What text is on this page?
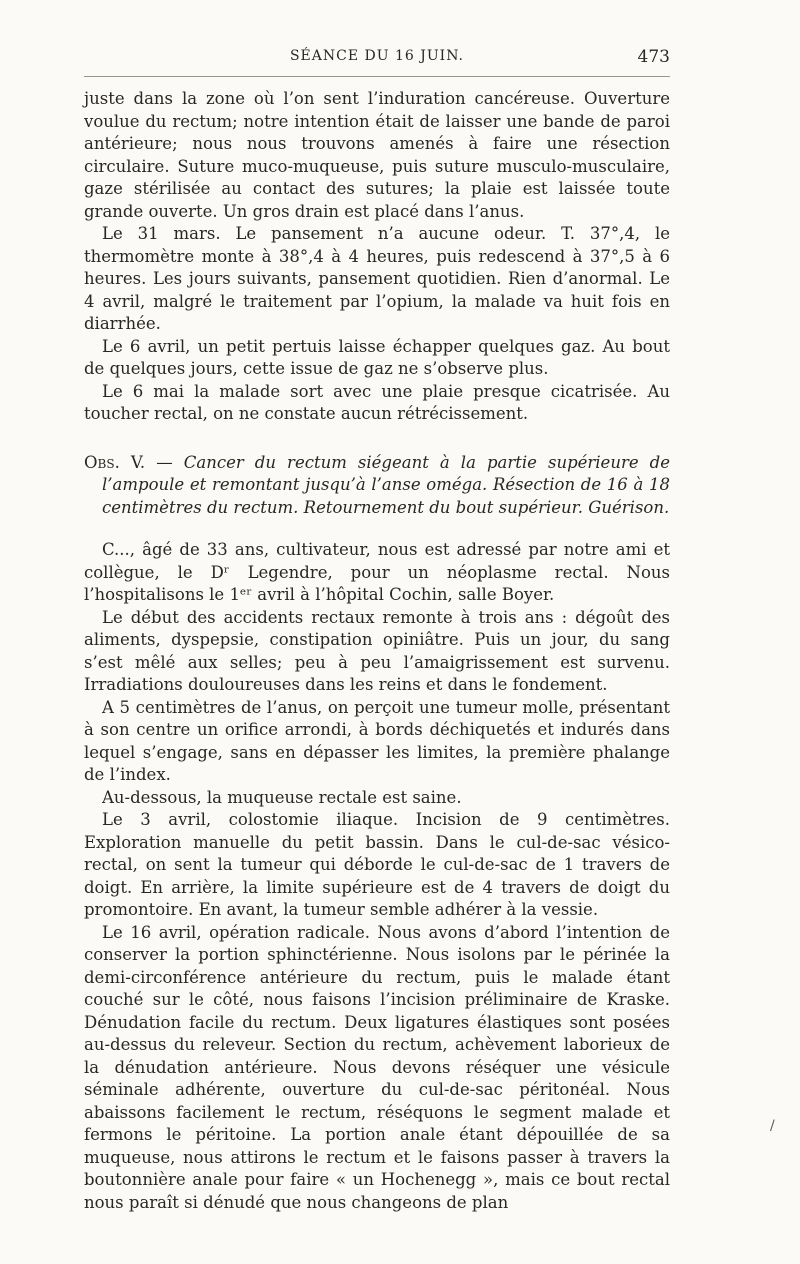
SÉANCE DU 16 JUIN.	473

juste dans la zone où l’on sent l’induration cancéreuse. Ouverture voulue du rectum; notre intention était de laisser une bande de paroi antérieure; nous nous trouvons amenés à faire une résection circulaire. Suture muco-muqueuse, puis suture musculo-musculaire, gaze stérilisée au contact des sutures; la plaie est laissée toute grande ouverte. Un gros drain est placé dans l’anus.

Le 31 mars. Le pansement n’a aucune odeur. T. 37°,4, le thermomètre monte à 38°,4 à 4 heures, puis redescend à 37°,5 à 6 heures. Les jours suivants, pansement quotidien. Rien d’anormal. Le 4 avril, malgré le traitement par l’opium, la malade va huit fois en diarrhée.

Le 6 avril, un petit pertuis laisse échapper quelques gaz. Au bout de quelques jours, cette issue de gaz ne s’observe plus.

Le 6 mai la malade sort avec une plaie presque cicatrisée. Au toucher rectal, on ne constate aucun rétrécissement.

Obs. V. — Cancer du rectum siégeant à la partie supérieure de l’ampoule et remontant jusqu’à l’anse oméga. Résection de 16 à 18 centimètres du rectum. Retournement du bout supérieur. Guérison.

C..., âgé de 33 ans, cultivateur, nous est adressé par notre ami et collègue, le Dʳ Legendre, pour un néoplasme rectal. Nous l’hospitalisons le 1ᵉʳ avril à l’hôpital Cochin, salle Boyer.

Le début des accidents rectaux remonte à trois ans : dégoût des aliments, dyspepsie, constipation opiniâtre. Puis un jour, du sang s’est mêlé aux selles; peu à peu l’amaigrissement est survenu. Irradiations douloureuses dans les reins et dans le fondement.

A 5 centimètres de l’anus, on perçoit une tumeur molle, présentant à son centre un orifice arrondi, à bords déchiquetés et indurés dans lequel s’engage, sans en dépasser les limites, la première phalange de l’index.

Au-dessous, la muqueuse rectale est saine.

Le 3 avril, colostomie iliaque. Incision de 9 centimètres. Exploration manuelle du petit bassin. Dans le cul-de-sac vésico-rectal, on sent la tumeur qui déborde le cul-de-sac de 1 travers de doigt. En arrière, la limite supérieure est de 4 travers de doigt du promontoire. En avant, la tumeur semble adhérer à la vessie.

Le 16 avril, opération radicale. Nous avons d’abord l’intention de conserver la portion sphinctérienne. Nous isolons par le périnée la demi-circonférence antérieure du rectum, puis le malade étant couché sur le côté, nous faisons l’incision préliminaire de Kraske. Dénudation facile du rectum. Deux ligatures élastiques sont posées au-dessus du releveur. Section du rectum, achèvement laborieux de la dénudation antérieure. Nous devons réséquer une vésicule séminale adhérente, ouverture du cul-de-sac péritonéal. Nous abaissons facilement le rectum, réséquons le segment malade et fermons le péritoine. La portion anale étant dépouillée de sa muqueuse, nous attirons le rectum et le faisons passer à travers la boutonnière anale pour faire « un Hochenegg », mais ce bout rectal nous paraît si dénudé que nous changeons de plan

/
